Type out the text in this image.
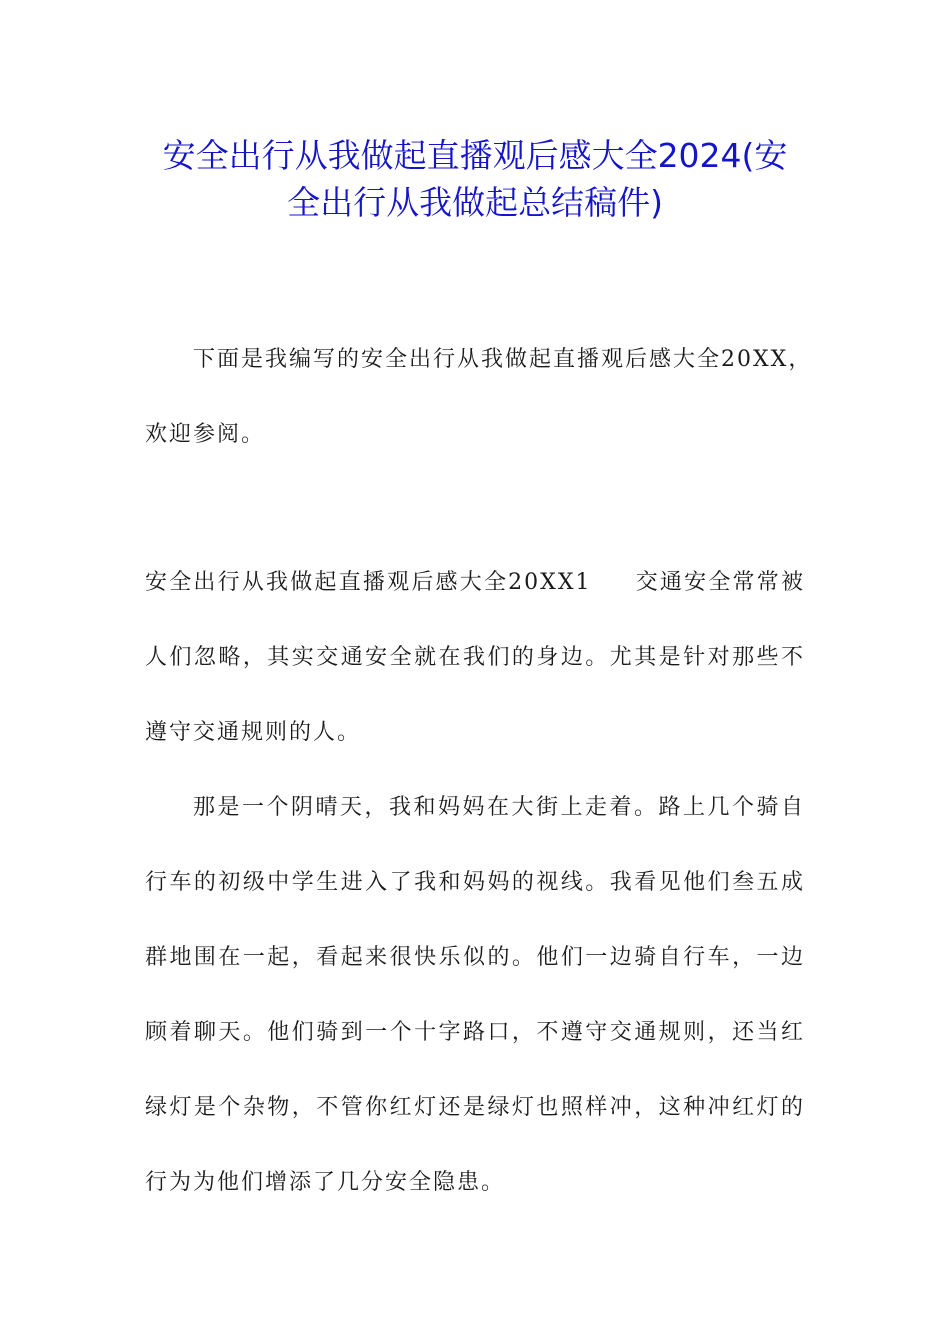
安全出行从我做起直播观后感大全2024(安
全出行从我做起总结稿件)
下面是我编写的安全出行从我做起直播观后感大全20XX，
欢迎参阅。
安全出行从我做起直播观后感大全20XX1 交通安全常常被
人们忽略，其实交通安全就在我们的身边。尤其是针对那些不
遵守交通规则的人。
那是一个阴晴天，我和妈妈在大街上走着。路上几个骑自
行车的初级中学生进入了我和妈妈的视线。我看见他们叁五成
群地围在一起，看起来很快乐似的。他们一边骑自行车，一边
顾着聊天。他们骑到一个十字路口，不遵守交通规则，还当红
绿灯是个杂物，不管你红灯还是绿灯也照样冲，这种冲红灯的
行为为他们增添了几分安全隐患。
